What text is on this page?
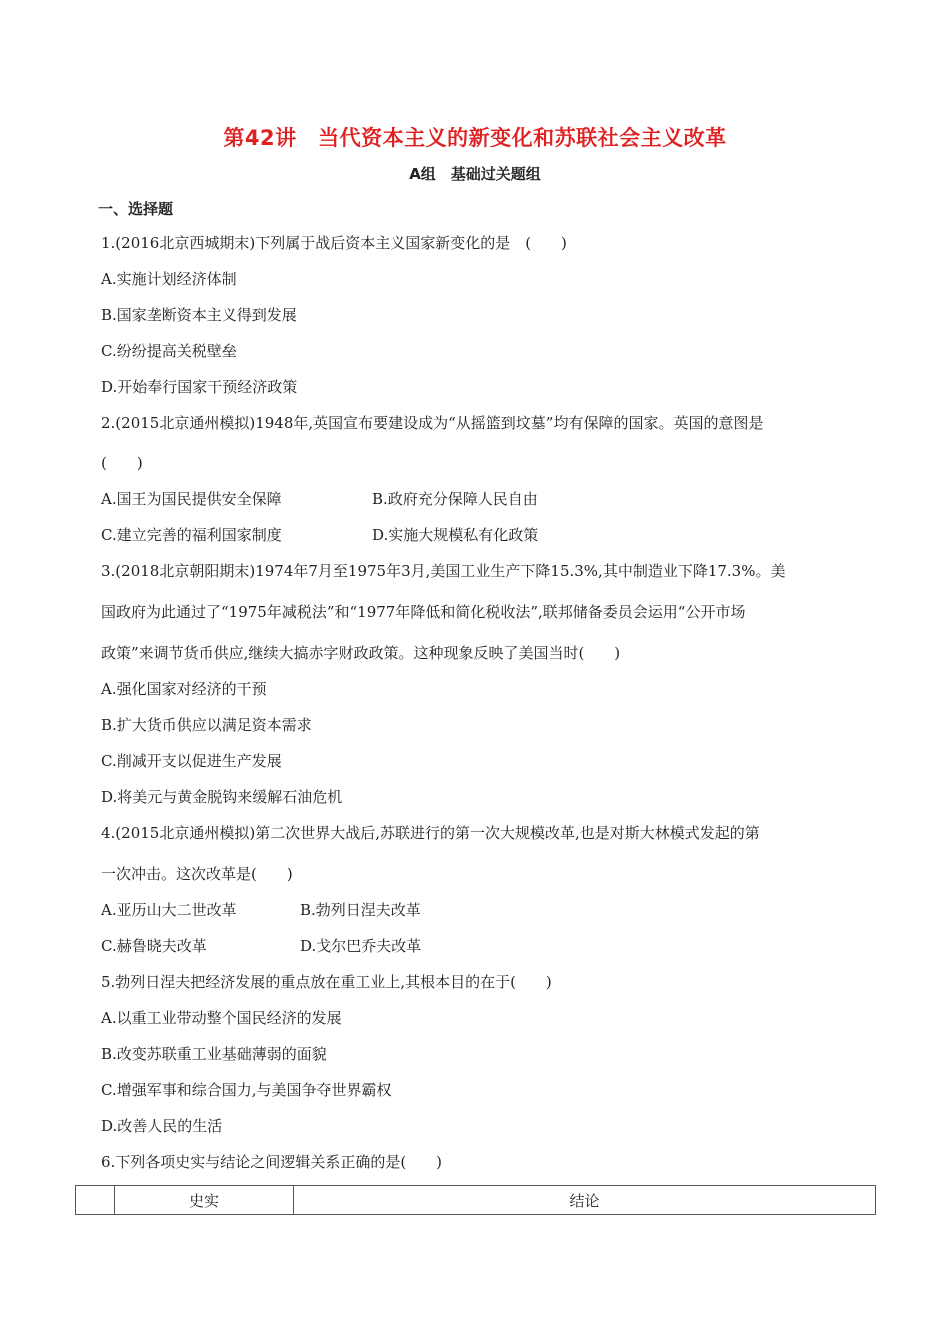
第42讲　当代资本主义的新变化和苏联社会主义改革
A组　基础过关题组
一、选择题
1.(2016北京西城期末)下列属于战后资本主义国家新变化的是　(　　)
A.实施计划经济体制
B.国家垄断资本主义得到发展
C.纷纷提高关税壁垒
D.开始奉行国家干预经济政策
2.(2015北京通州模拟)1948年,英国宣布要建设成为“从摇篮到坟墓”均有保障的国家。英国的意图是
(　　)
A.国王为国民提供安全保障	B.政府充分保障人民自由
C.建立完善的福利国家制度	D.实施大规模私有化政策
3.(2018北京朝阳期末)1974年7月至1975年3月,美国工业生产下降15.3%,其中制造业下降17.3%。美
国政府为此通过了“1975年减税法”和“1977年降低和简化税收法”,联邦储备委员会运用“公开市场
政策”来调节货币供应,继续大搞赤字财政政策。这种现象反映了美国当时(　　)
A.强化国家对经济的干预
B.扩大货币供应以满足资本需求
C.削减开支以促进生产发展
D.将美元与黄金脱钩来缓解石油危机
4.(2015北京通州模拟)第二次世界大战后,苏联进行的第一次大规模改革,也是对斯大林模式发起的第
一次冲击。这次改革是(　　)
A.亚历山大二世改革	B.勃列日涅夫改革
C.赫鲁晓夫改革	D.戈尔巴乔夫改革
5.勃列日涅夫把经济发展的重点放在重工业上,其根本目的在于(　　)
A.以重工业带动整个国民经济的发展
B.改变苏联重工业基础薄弱的面貌
C.增强军事和综合国力,与美国争夺世界霸权
D.改善人民的生活
6.下列各项史实与结论之间逻辑关系正确的是(　　)
	史实	结论
